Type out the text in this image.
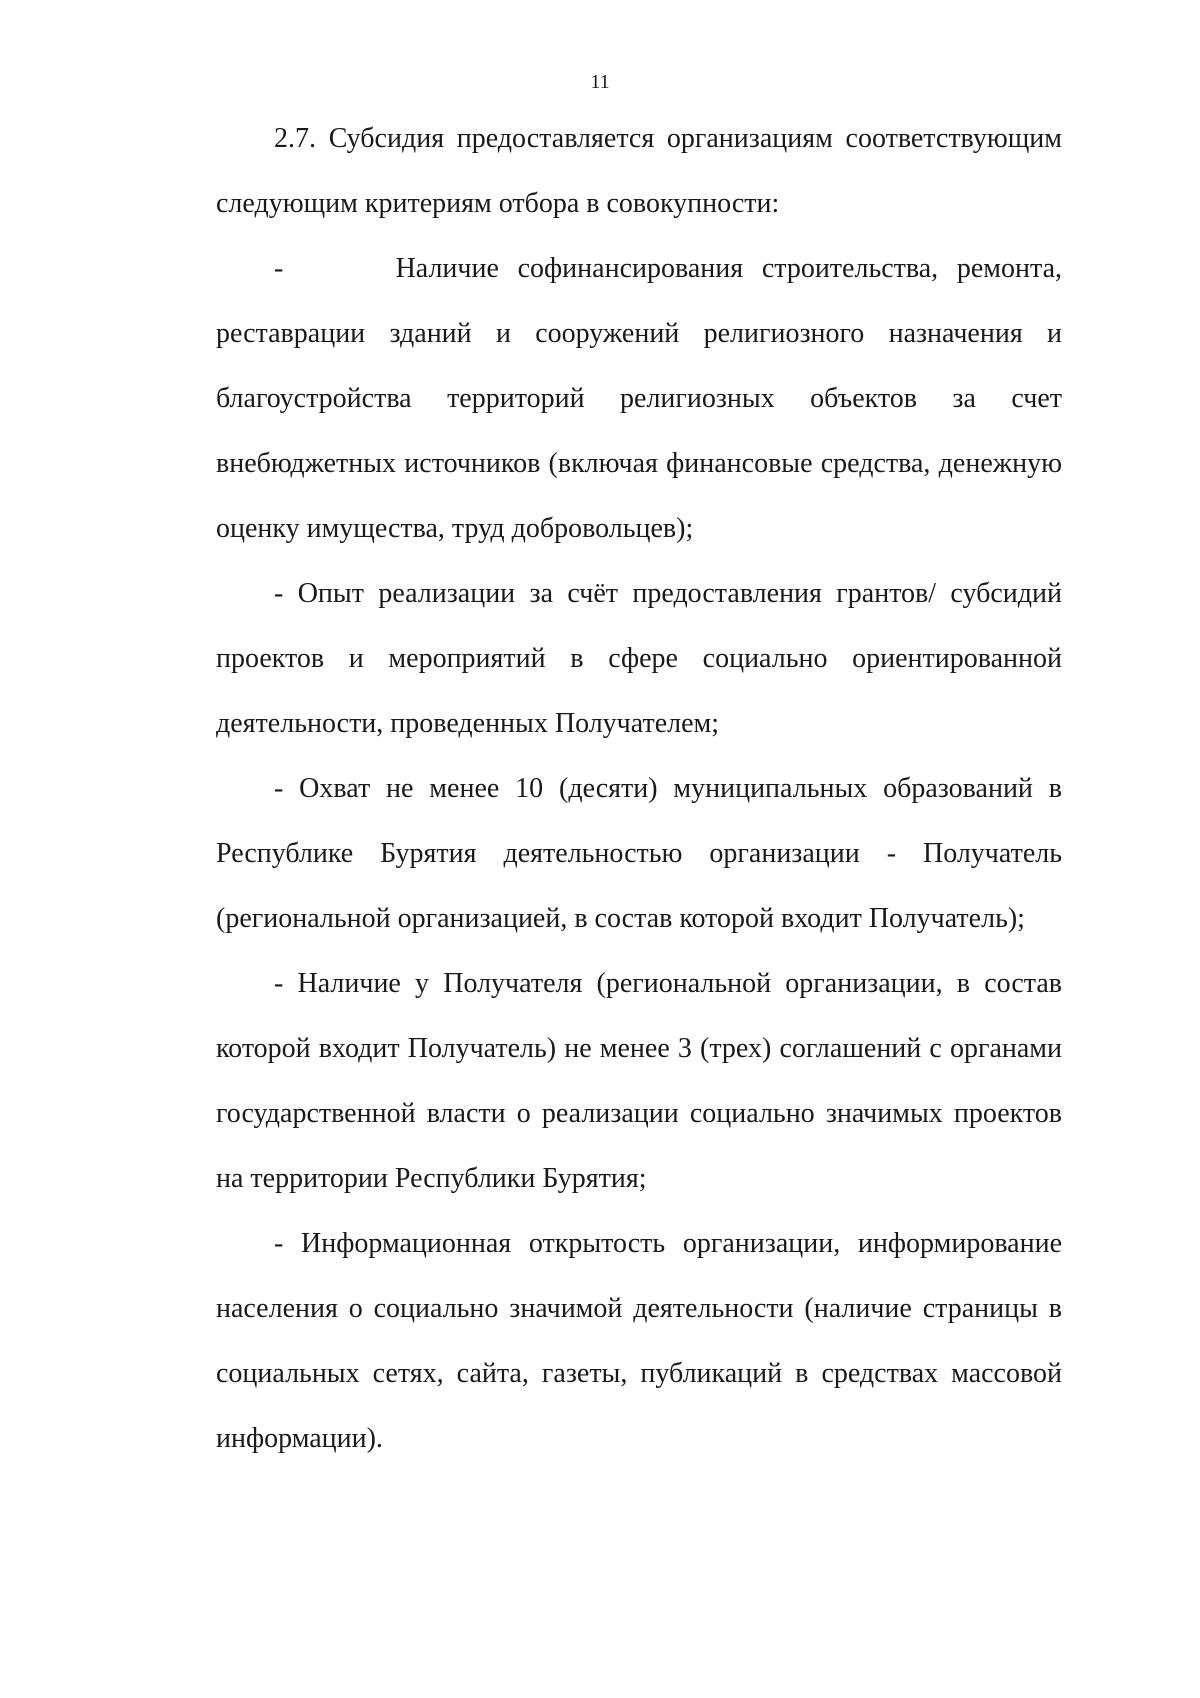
11

2.7. Субсидия предоставляется организациям соответствующим следующим критериям отбора в совокупности:

-      Наличие софинансирования строительства, ремонта, реставрации зданий и сооружений религиозного назначения и благоустройства территорий религиозных объектов за счет внебюджетных источников (включая финансовые средства, денежную оценку имущества, труд добровольцев);

- Опыт реализации за счёт предоставления грантов/ субсидий проектов и мероприятий в сфере социально ориентированной деятельности, проведенных Получателем;

- Охват не менее 10 (десяти) муниципальных образований в Республике Бурятия деятельностью организации - Получатель (региональной организацией, в состав которой входит Получатель);

- Наличие у Получателя (региональной организации, в состав которой входит Получатель) не менее 3 (трех) соглашений с органами государственной власти о реализации социально значимых проектов на территории Республики Бурятия;

- Информационная открытость организации, информирование населения о социально значимой деятельности (наличие страницы в социальных сетях, сайта, газеты, публикаций в средствах массовой информации).
